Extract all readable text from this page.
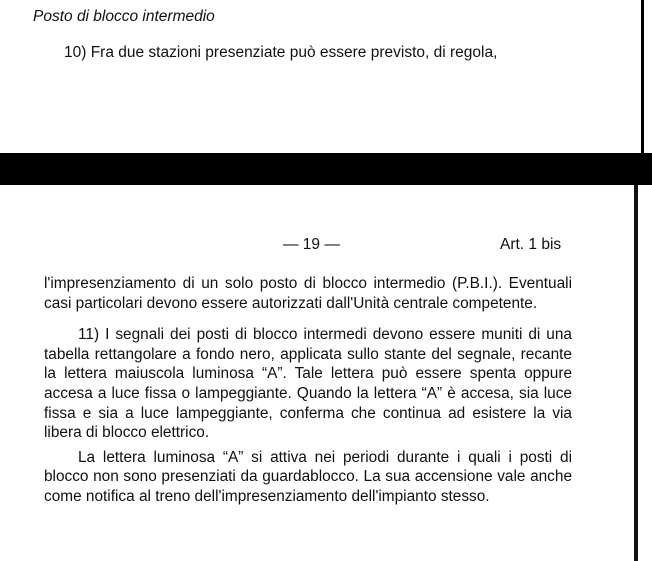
Posto di blocco intermedio

10) Fra due stazioni presenziate può essere previsto, di regola,

— 19 —	Art. 1 bis

l'impresenziamento di un solo posto di blocco intermedio (P.B.I.). Eventuali casi particolari devono essere autorizzati dall'Unità centrale competente.

11) I segnali dei posti di blocco intermedi devono essere muniti di una tabella rettangolare a fondo nero, applicata sullo stante del segnale, recante la lettera maiuscola luminosa “A”. Tale lettera può essere spenta oppure accesa a luce fissa o lampeggiante. Quando la lettera “A” è accesa, sia luce fissa e sia a luce lampeggiante, conferma che continua ad esistere la via libera di blocco elettrico.

La lettera luminosa “A” si attiva nei periodi durante i quali i posti di blocco non sono presenziati da guardablocco. La sua accensione vale anche come notifica al treno dell'impresenziamento dell'impianto stesso.
